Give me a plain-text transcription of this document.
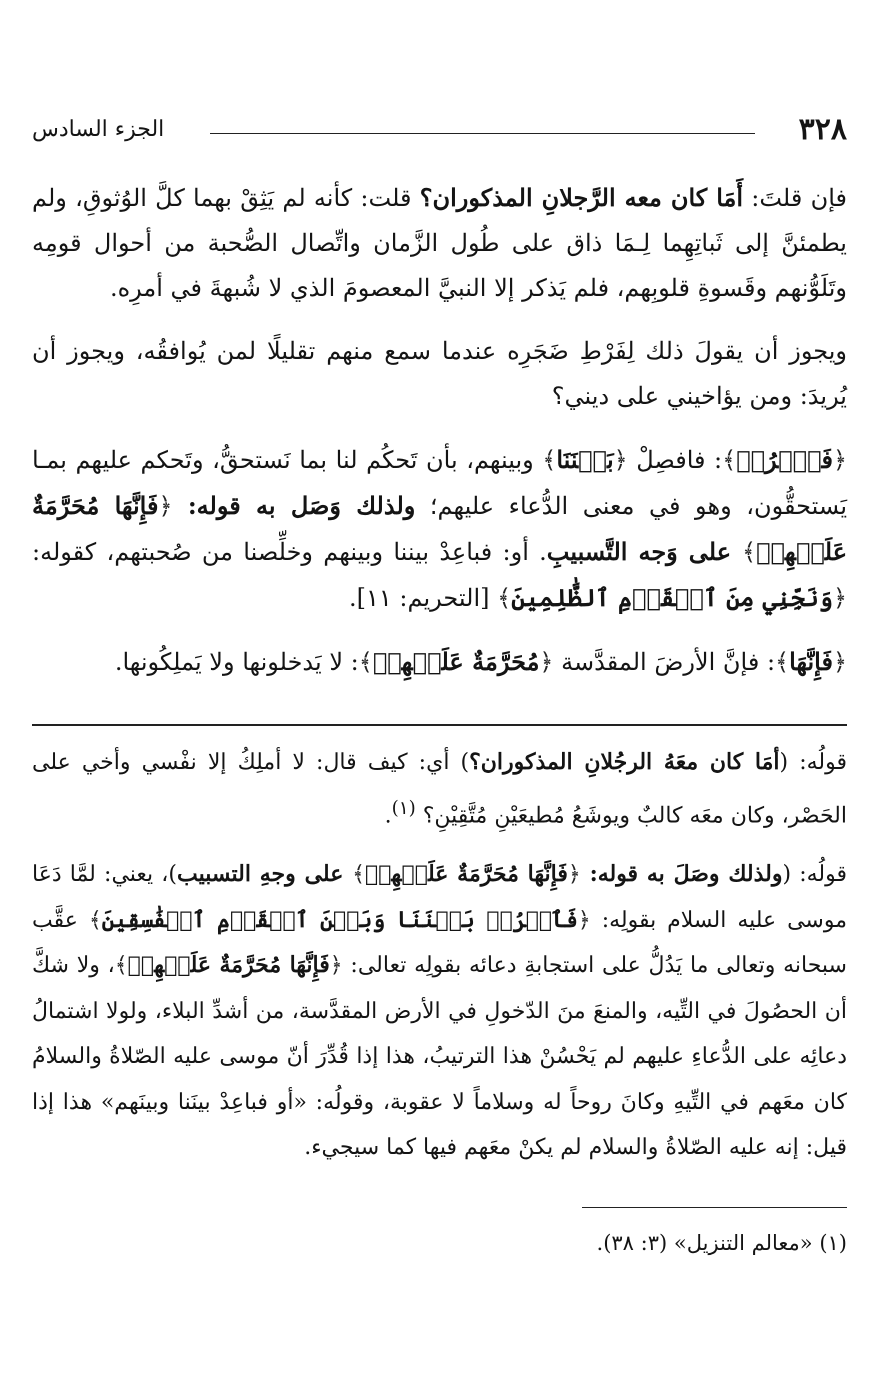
٣٢٨
الجزء السادس

فإن قلتَ: أَمَا كان معه الرَّجلانِ المذكوران؟ قلت: كأنه لم يَثِقْ بهما كلَّ الوُثوقِ، ولم يطمئنَّ إلى ثَباتِهِما لِـمَا ذاق على طُول الزَّمان واتِّصال الصُّحبة من أحوال قومِه وتَلَوُّنهم وقَسوةِ قلوبِهم، فلم يَذكر إلا النبيَّ المعصومَ الذي لا شُبهةَ في أمرِه.

ويجوز أن يقولَ ذلك لِفَرْطِ ضَجَرِه عندما سمع منهم تقليلًا لمن يُوافقُه، ويجوز أن يُريدَ: ومن يؤاخيني على ديني؟

﴿فَٱفۡرُقۡ﴾: فافصِلْ ﴿بَيۡنَنَا﴾ وبينهم، بأن تَحكُم لنا بما نَستحقُّ، وتَحكم عليهم بمـا يَستحقُّون، وهو في معنى الدُّعاء عليهم؛ ولذلك وَصَل به قوله: ﴿فَإِنَّهَا مُحَرَّمَةٌ عَلَيۡهِمۡ﴾ على وَجه التَّسبيبِ. أو: فباعِدْ بيننا وبينهم وخلِّصنا من صُحبتهم، كقوله: ﴿وَنَجِّنِي مِنَ ٱلۡقَوۡمِ ٱلظَّٰلِمِينَ﴾ [التحريم: ١١].

﴿فَإِنَّهَا﴾: فإنَّ الأرضَ المقدَّسة ﴿مُحَرَّمَةٌ عَلَيۡهِمۡ﴾: لا يَدخلونها ولا يَملِكُونها.

قولُه: (أمَا كان معَهُ الرجُلانِ المذكوران؟) أي: كيف قال: لا أملِكُ إلا نفْسي وأخي على الحَصْر، وكان معَه كالبٌ ويوشَعُ مُطيعَيْنِ مُتَّقِيْنِ؟ $^{(١)}$.

قولُه: (ولذلك وصَلَ به قوله: ﴿فَإِنَّهَا مُحَرَّمَةٌ عَلَيۡهِمۡ﴾ على وجهِ التسبيب)، يعني: لمَّا دَعَا موسى عليه السلام بقولِه: ﴿فَٱفۡرُقۡ بَيۡنَنَا وَبَيۡنَ ٱلۡقَوۡمِ ٱلۡفَٰسِقِينَ﴾ عقَّب سبحانه وتعالى ما يَدُلُّ على استجابةِ دعائه بقولِه تعالى: ﴿فَإِنَّهَا مُحَرَّمَةٌ عَلَيۡهِمۡ﴾، ولا شكَّ أن الحصُولَ في التِّيه، والمنعَ منَ الدّخولِ في الأرض المقدَّسة، من أشدِّ البلاء، ولولا اشتمالُ دعائِه على الدُّعاءِ عليهم لم يَحْسُنْ هذا الترتيبُ، هذا إذا قُدِّرَ أنّ موسى عليه الصّلاةُ والسلامُ كان معَهم في التِّيهِ وكانَ روحاً له وسلاماً لا عقوبة، وقولُه: «أو فباعِدْ بينَنا وبينَهم» هذا إذا قيل: إنه عليه الصّلاةُ والسلام لم يكنْ معَهم فيها كما سيجيء.

(١) «معالم التنزيل» (٣: ٣٨).
